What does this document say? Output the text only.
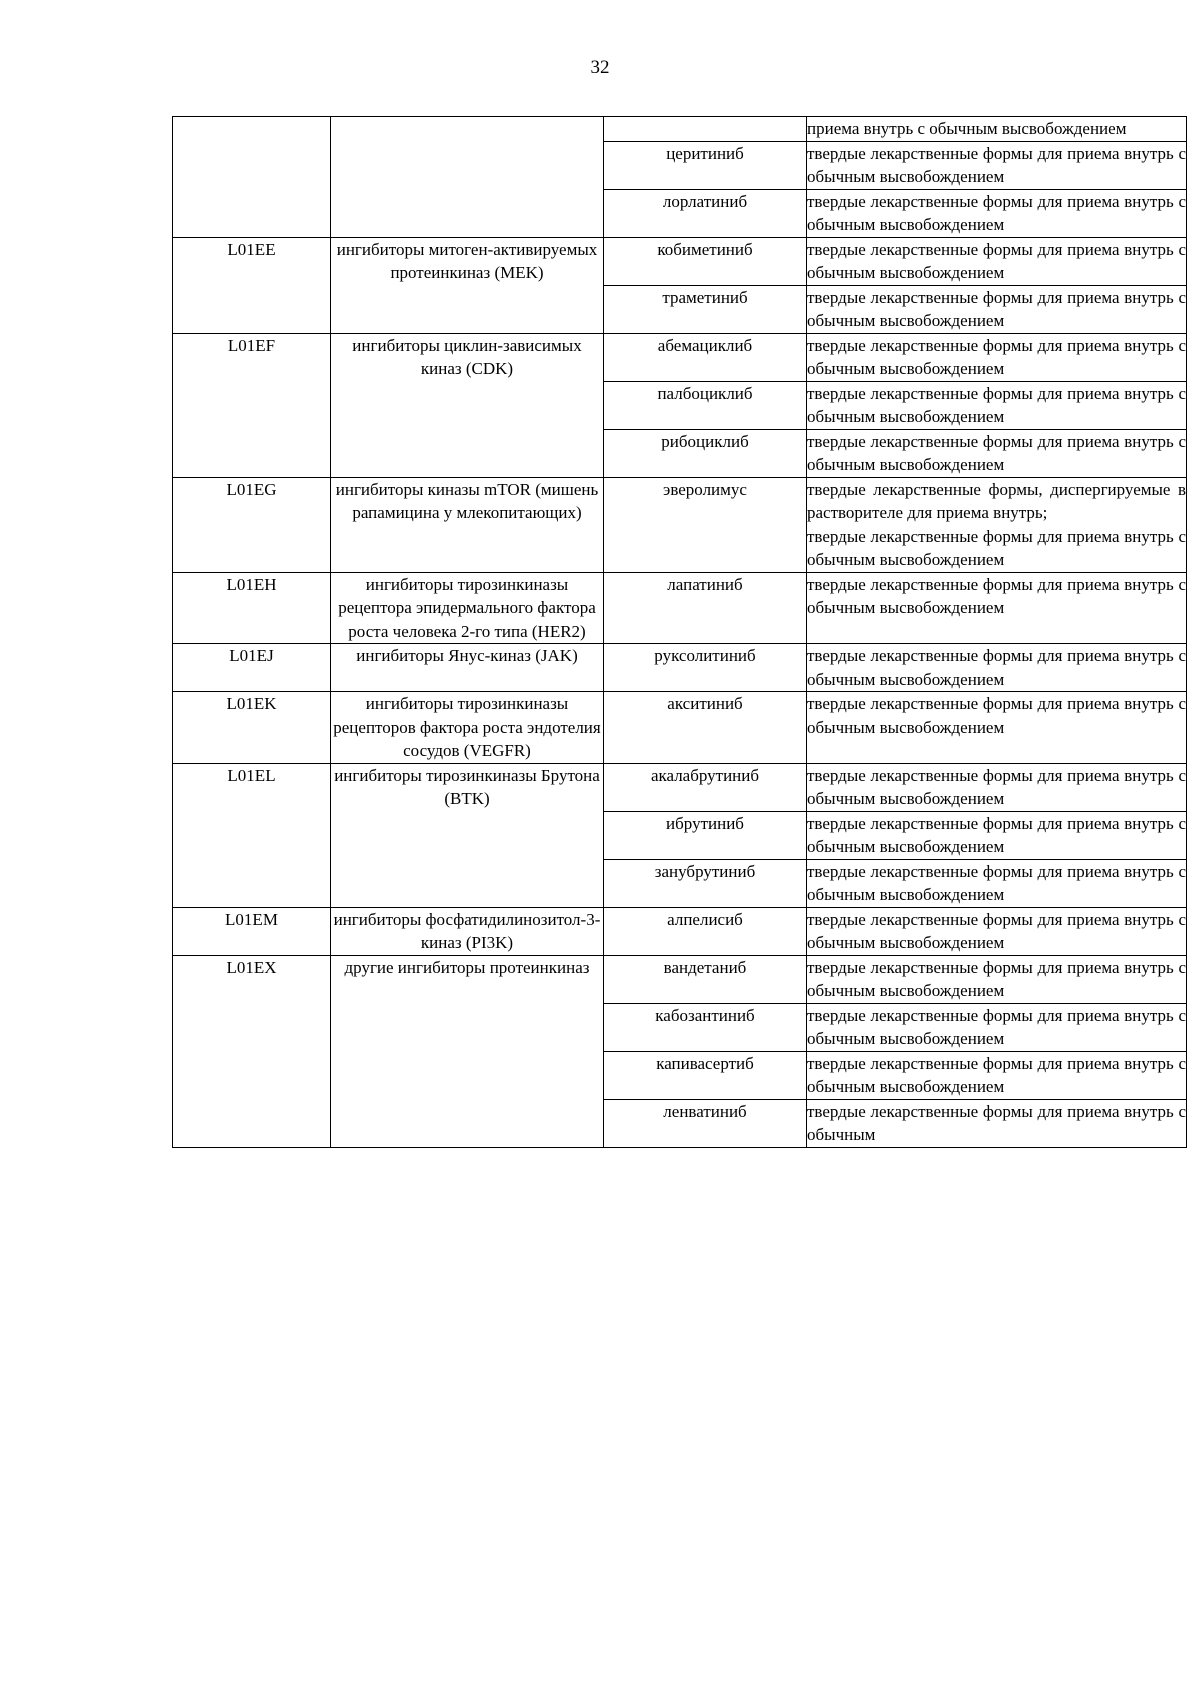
32

			приема внутрь с обычным высвобождением

		церитиниб	твердые лекарственные формы для приема внутрь с обычным высвобождением

		лорлатиниб	твердые лекарственные формы для приема внутрь с обычным высвобождением

L01EE	ингибиторы митоген-активируемых протеинкиназ (MEK)	кобиметиниб	твердые лекарственные формы для приема внутрь с обычным высвобождением

		траметиниб	твердые лекарственные формы для приема внутрь с обычным высвобождением

L01EF	ингибиторы циклин-зависимых киназ (CDK)	абемациклиб	твердые лекарственные формы для приема внутрь с обычным высвобождением

		палбоциклиб	твердые лекарственные формы для приема внутрь с обычным высвобождением

		рибоциклиб	твердые лекарственные формы для приема внутрь с обычным высвобождением

L01EG	ингибиторы киназы mTOR (мишень рапамицина у млекопитающих)	эверолимус	твердые лекарственные формы, диспергируемые в растворителе для приема внутрь;
твердые лекарственные формы для приема внутрь с обычным высвобождением

L01EH	ингибиторы тирозинкиназы рецептора эпидермального фактора роста человека 2-го типа (HER2)	лапатиниб	твердые лекарственные формы для приема внутрь с обычным высвобождением

L01EJ	ингибиторы Янус-киназ (JAK)	руксолитиниб	твердые лекарственные формы для приема внутрь с обычным высвобождением

L01EK	ингибиторы тирозинкиназы рецепторов фактора роста эндотелия сосудов (VEGFR)	акситиниб	твердые лекарственные формы для приема внутрь с обычным высвобождением

L01EL	ингибиторы тирозинкиназы Брутона (BTK)	акалабрутиниб	твердые лекарственные формы для приема внутрь с обычным высвобождением

		ибрутиниб	твердые лекарственные формы для приема внутрь с обычным высвобождением

		занубрутиниб	твердые лекарственные формы для приема внутрь с обычным высвобождением

L01EM	ингибиторы фосфатидилинозитол-3-киназ (PI3K)	алпелисиб	твердые лекарственные формы для приема внутрь с обычным высвобождением

L01EX	другие ингибиторы протеинкиназ	вандетаниб	твердые лекарственные формы для приема внутрь с обычным высвобождением

		кабозантиниб	твердые лекарственные формы для приема внутрь с обычным высвобождением

		капивасертиб	твердые лекарственные формы для приема внутрь с обычным высвобождением

		ленватиниб	твердые лекарственные формы для приема внутрь с обычным
